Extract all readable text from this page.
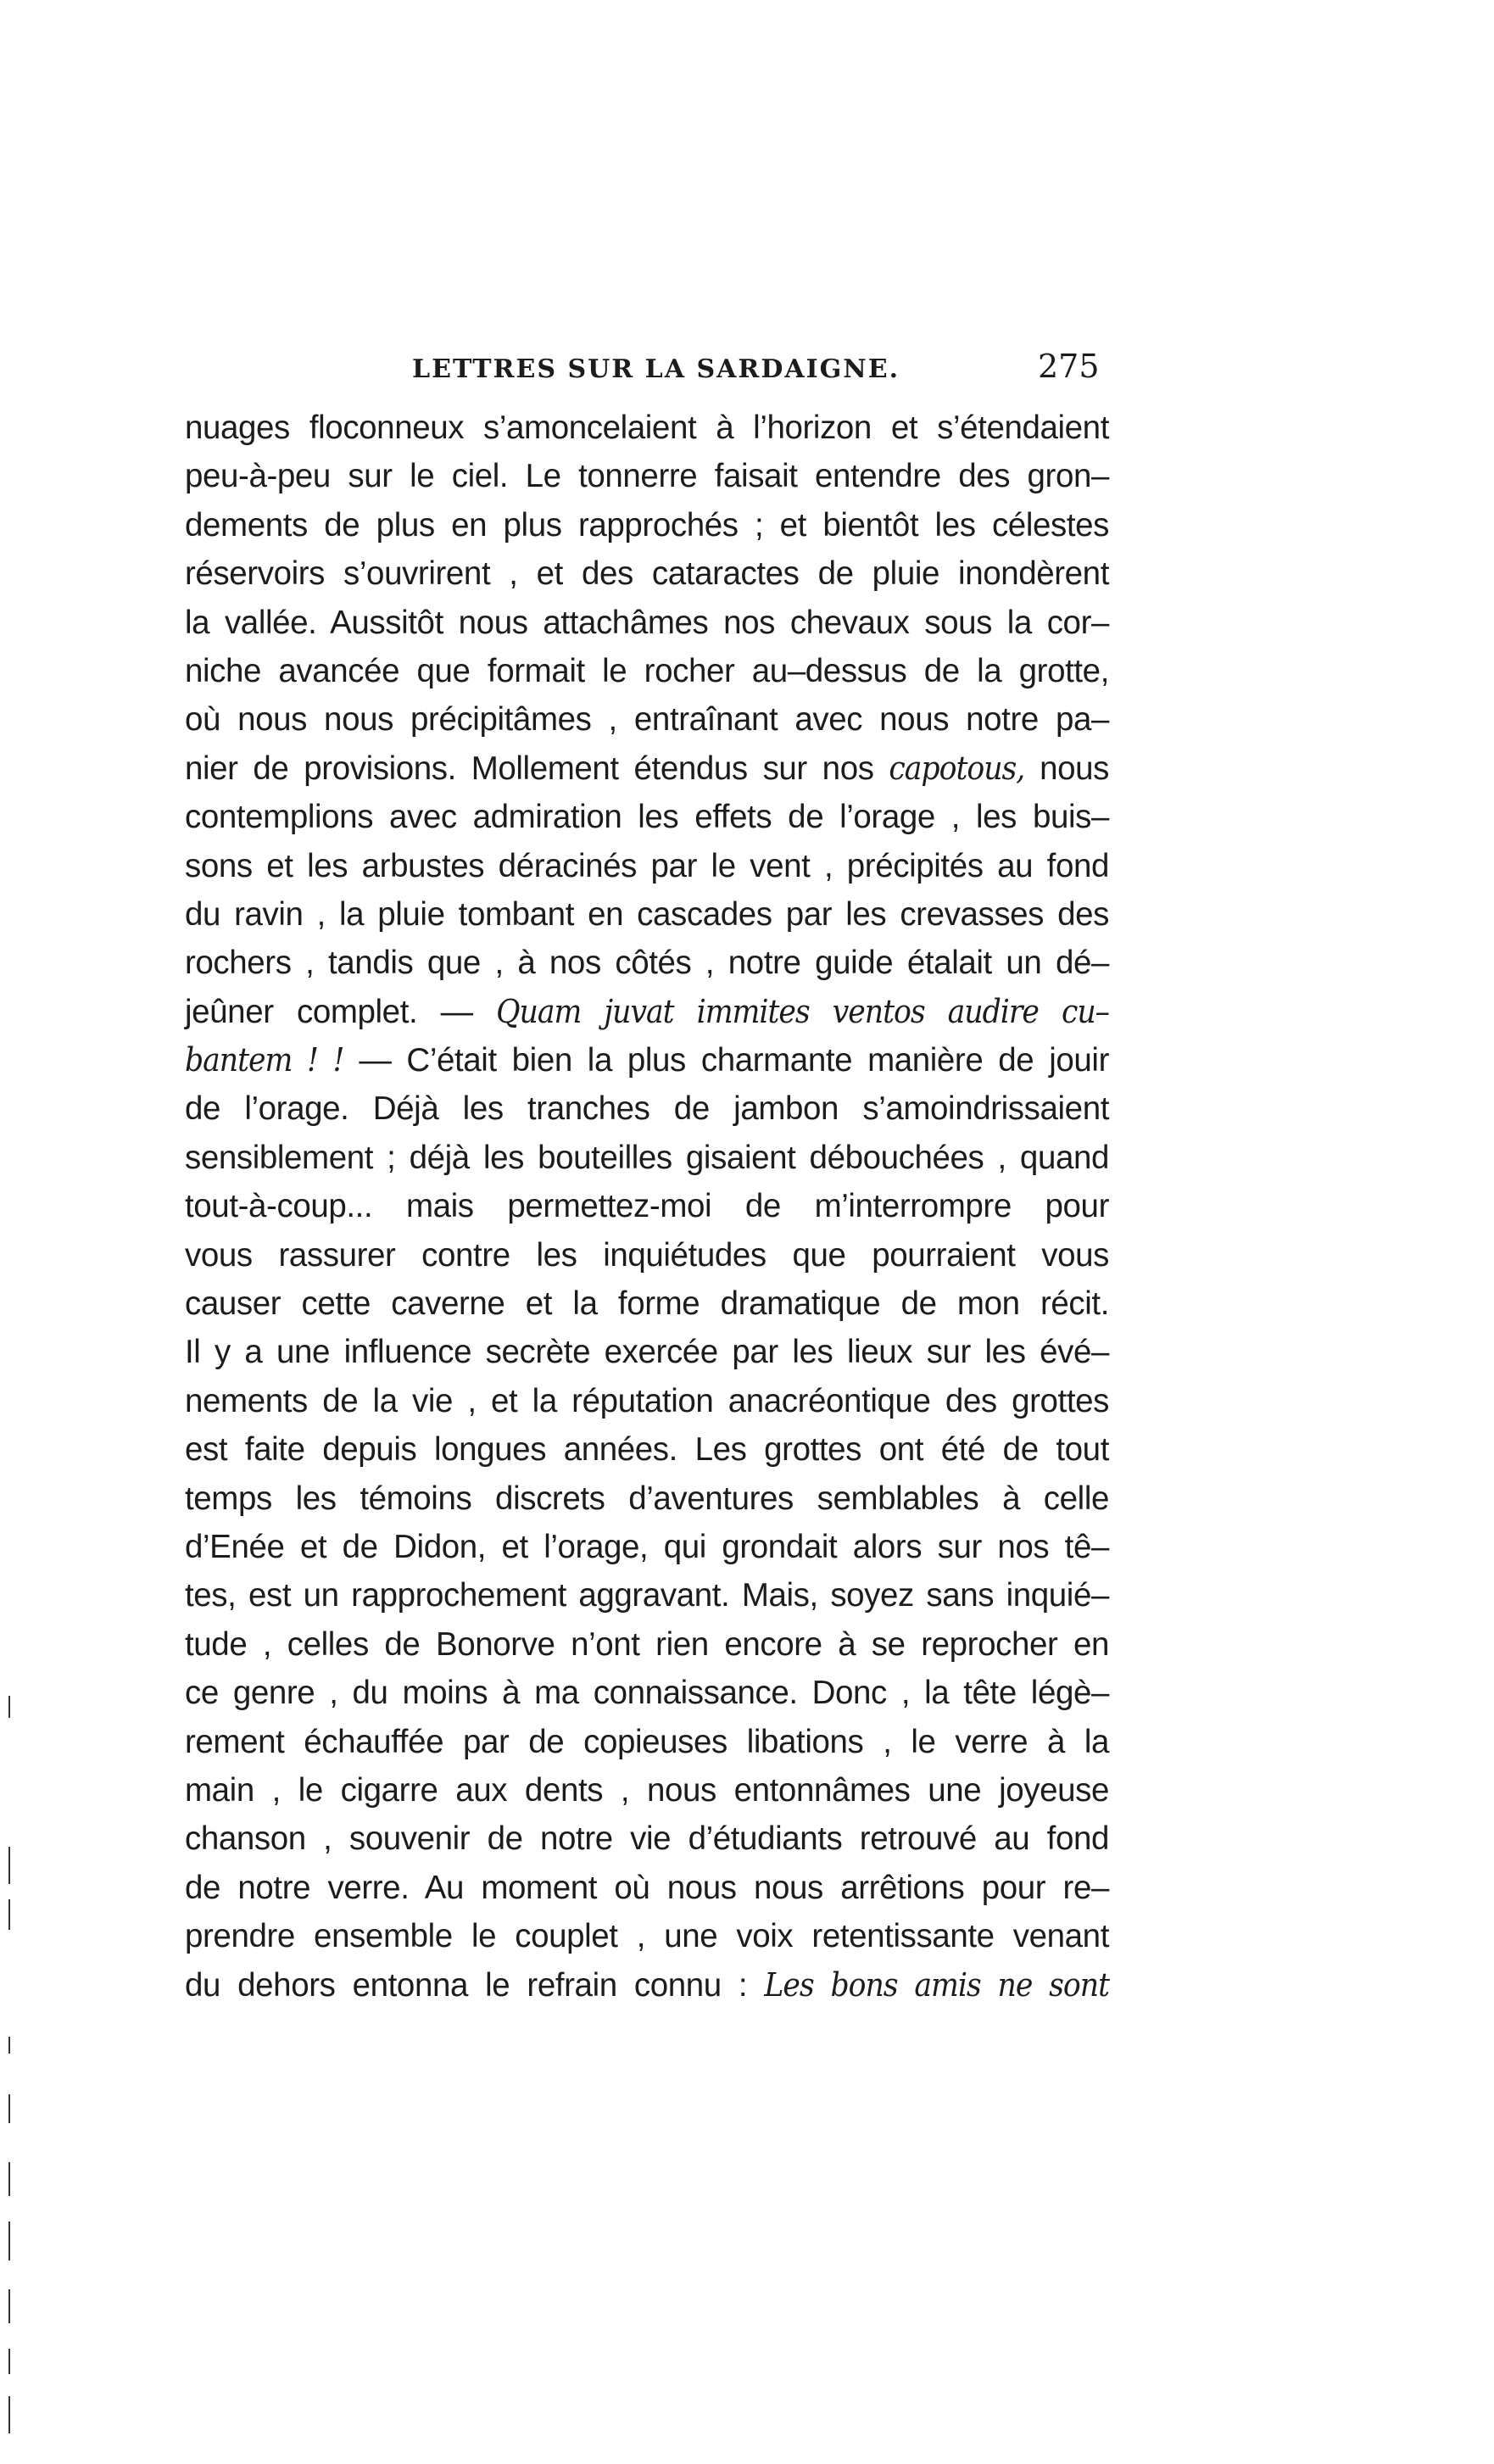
LETTRES SUR LA SARDAIGNE.	275
nuages floconneux s’amoncelaient à l’horizon et s’étendaient
peu-à-peu sur le ciel. Le tonnerre faisait entendre des gron–
dements de plus en plus rapprochés ; et bientôt les célestes
réservoirs s’ouvrirent , et des cataractes de pluie inondèrent
la vallée. Aussitôt nous attachâmes nos chevaux sous la cor–
niche avancée que formait le rocher au–dessus de la grotte,
où nous nous précipitâmes , entraînant avec nous notre pa–
nier de provisions. Mollement étendus sur nos capotous, nous
contemplions avec admiration les effets de l’orage , les buis–
sons et les arbustes déracinés par le vent , précipités au fond
du ravin , la pluie tombant en cascades par les crevasses des
rochers , tandis que , à nos côtés , notre guide étalait un dé–
jeûner complet. — Quam juvat immites ventos audire cu–
bantem ! ! — C’était bien la plus charmante manière de jouir
de l’orage. Déjà les tranches de jambon s’amoindrissaient
sensiblement ; déjà les bouteilles gisaient débouchées , quand
tout-à-coup... mais permettez-moi de m’interrompre pour
vous rassurer contre les inquiétudes que pourraient vous
causer cette caverne et la forme dramatique de mon récit.
Il y a une influence secrète exercée par les lieux sur les évé–
nements de la vie , et la réputation anacréontique des grottes
est faite depuis longues années. Les grottes ont été de tout
temps les témoins discrets d’aventures semblables à celle
d’Enée et de Didon, et l’orage, qui grondait alors sur nos tê–
tes, est un rapprochement aggravant. Mais, soyez sans inquié–
tude , celles de Bonorve n’ont rien encore à se reprocher en
ce genre , du moins à ma connaissance. Donc , la tête légè–
rement échauffée par de copieuses libations , le verre à la
main , le cigarre aux dents , nous entonnâmes une joyeuse
chanson , souvenir de notre vie d’étudiants retrouvé au fond
de notre verre. Au moment où nous nous arrêtions pour re–
prendre ensemble le couplet , une voix retentissante venant
du dehors entonna le refrain connu : Les bons amis ne sont
